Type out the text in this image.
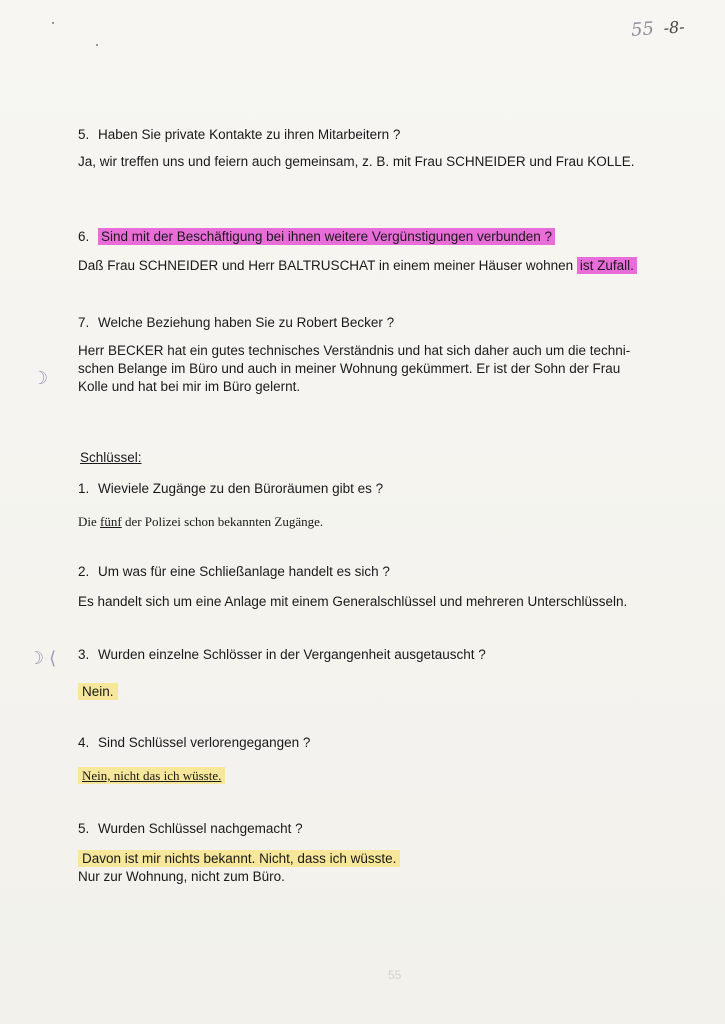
55 -8-
5. Haben Sie private Kontakte zu ihren Mitarbeitern ?
Ja, wir treffen uns und feiern auch gemeinsam, z. B. mit Frau SCHNEIDER und Frau KOLLE.
6. Sind mit der Beschäftigung bei ihnen weitere Vergünstigungen verbunden ?
Daß Frau SCHNEIDER und Herr BALTRUSCHAT in einem meiner Häuser wohnen ist Zufall.
7. Welche Beziehung haben Sie zu Robert Becker ?
Herr BECKER hat ein gutes technisches Verständnis und hat sich daher auch um die techni-
schen Belange im Büro und auch in meiner Wohnung gekümmert. Er ist der Sohn der Frau
Kolle und hat bei mir im Büro gelernt.
☽
Schlüssel:
1. Wieviele Zugänge zu den Büroräumen gibt es ?
Die fünf der Polizei schon bekannten Zugänge.
2. Um was für eine Schließanlage handelt es sich ?
Es handelt sich um eine Anlage mit einem Generalschlüssel und mehreren Unterschlüsseln.
☽ ⟨ 3. Wurden einzelne Schlösser in der Vergangenheit ausgetauscht ?
Nein.
4. Sind Schlüssel verlorengegangen ?
Nein, nicht das ich wüsste.
5. Wurden Schlüssel nachgemacht ?
Davon ist mir nichts bekannt. Nicht, dass ich wüsste.
Nur zur Wohnung, nicht zum Büro.
55
